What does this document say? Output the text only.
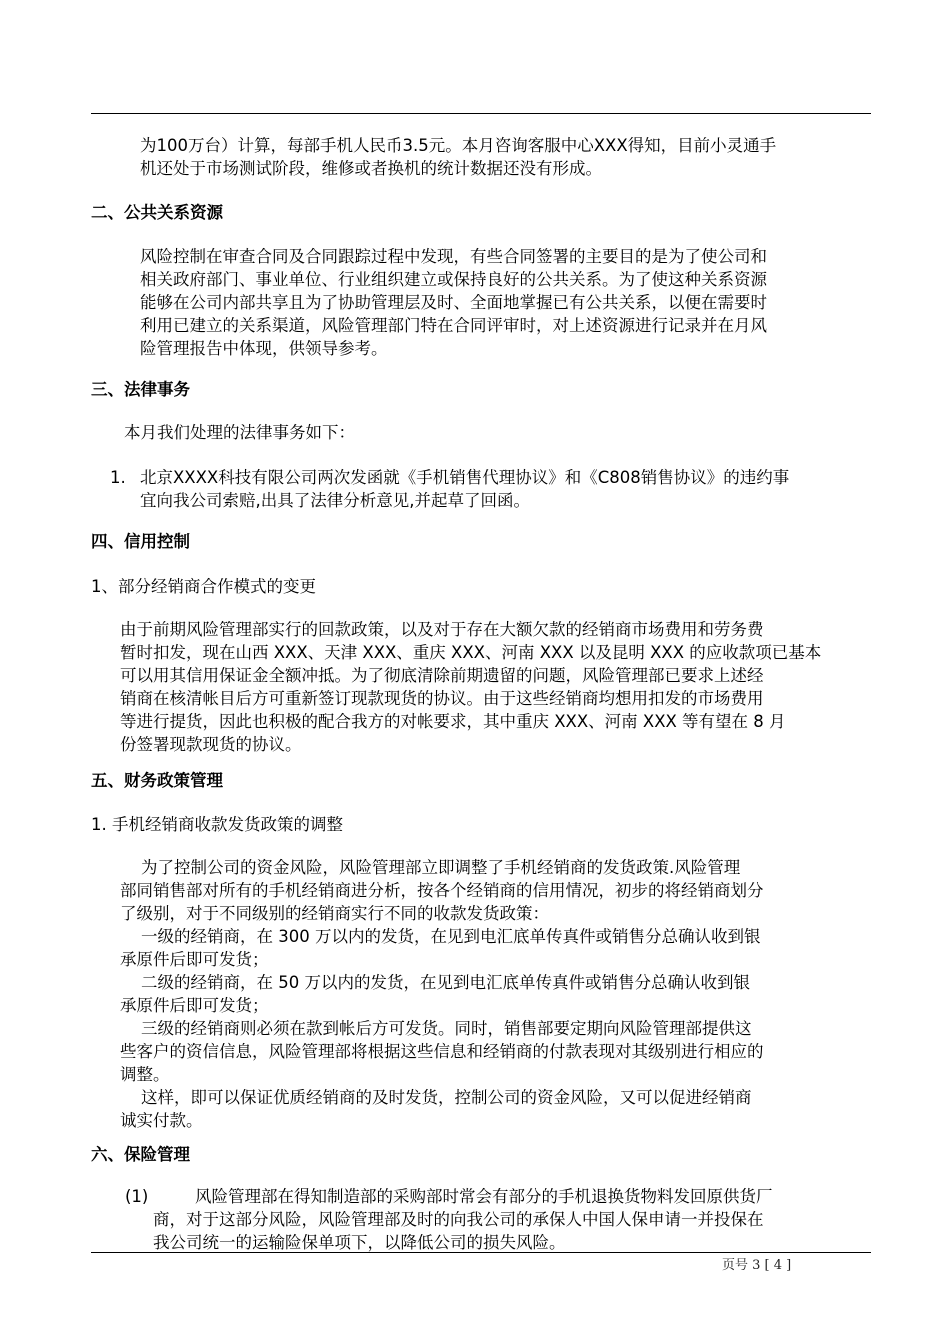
为100万台）计算，每部手机人民币3.5元。本月咨询客服中心XXX得知，目前小灵通手
机还处于市场测试阶段，维修或者换机的统计数据还没有形成。
二、公共关系资源
风险控制在审查合同及合同跟踪过程中发现，有些合同签署的主要目的是为了使公司和
相关政府部门、事业单位、行业组织建立或保持良好的公共关系。为了使这种关系资源
能够在公司内部共享且为了协助管理层及时、全面地掌握已有公共关系，以便在需要时
利用已建立的关系渠道，风险管理部门特在合同评审时，对上述资源进行记录并在月风
险管理报告中体现，供领导参考。
三、法律事务
本月我们处理的法律事务如下：
1. 北京XXXX科技有限公司两次发函就《手机销售代理协议》和《C808销售协议》的违约事
宜向我公司索赔,出具了法律分析意见,并起草了回函。
四、信用控制
1、部分经销商合作模式的变更
由于前期风险管理部实行的回款政策，以及对于存在大额欠款的经销商市场费用和劳务费
暂时扣发，现在山西 XXX、天津 XXX、重庆 XXX、河南 XXX 以及昆明 XXX 的应收款项已基本
可以用其信用保证金全额冲抵。为了彻底清除前期遗留的问题，风险管理部已要求上述经
销商在核清帐目后方可重新签订现款现货的协议。由于这些经销商均想用扣发的市场费用
等进行提货，因此也积极的配合我方的对帐要求，其中重庆 XXX、河南 XXX 等有望在 8 月
份签署现款现货的协议。
五、财务政策管理
1. 手机经销商收款发货政策的调整
为了控制公司的资金风险，风险管理部立即调整了手机经销商的发货政策.风险管理
部同销售部对所有的手机经销商进分析，按各个经销商的信用情况，初步的将经销商划分
了级别，对于不同级别的经销商实行不同的收款发货政策：
一级的经销商，在 300 万以内的发货，在见到电汇底单传真件或销售分总确认收到银
承原件后即可发货；
二级的经销商，在 50 万以内的发货，在见到电汇底单传真件或销售分总确认收到银
承原件后即可发货；
三级的经销商则必须在款到帐后方可发货。同时，销售部要定期向风险管理部提供这
些客户的资信信息，风险管理部将根据这些信息和经销商的付款表现对其级别进行相应的
调整。
这样，即可以保证优质经销商的及时发货，控制公司的资金风险，又可以促进经销商
诚实付款。
六、保险管理
(1)	风险管理部在得知制造部的采购部时常会有部分的手机退换货物料发回原供货厂
商，对于这部分风险，风险管理部及时的向我公司的承保人中国人保申请一并投保在
我公司统一的运输险保单项下，以降低公司的损失风险。
页号 3 [ 4 ]
